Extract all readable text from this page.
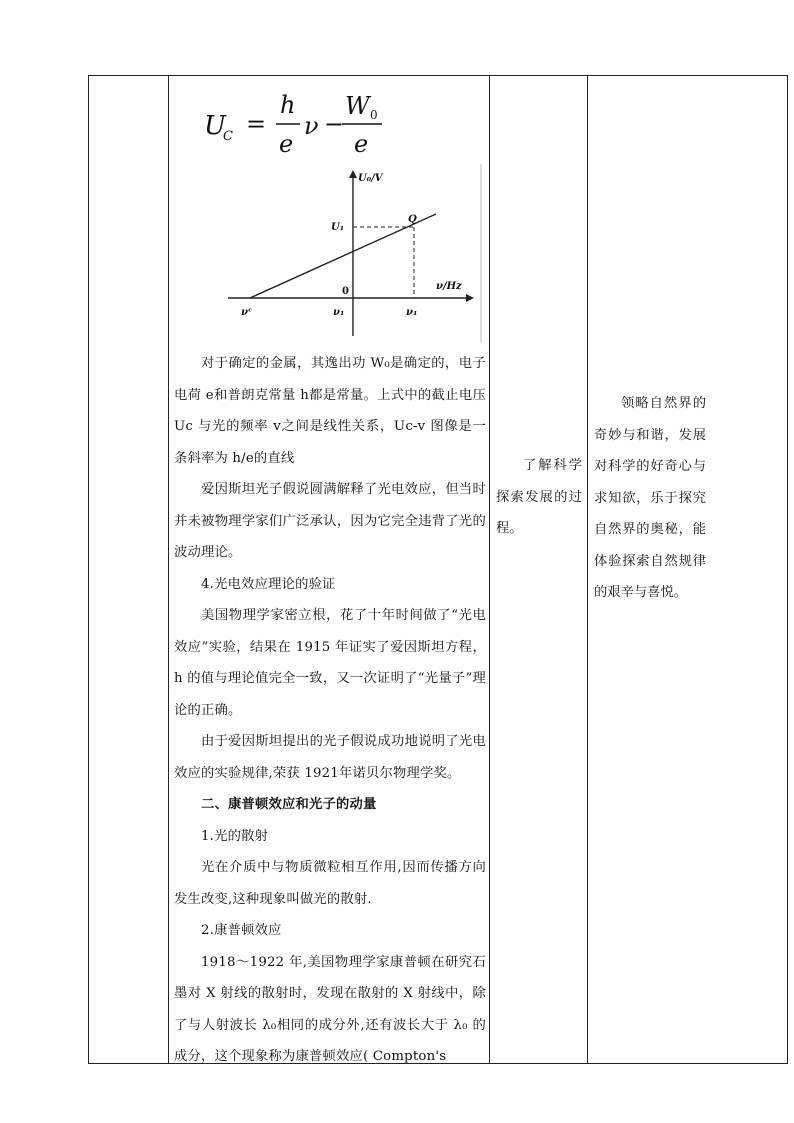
U
C =
h
e
ν −
W 0
e
U₀/V
ν/Hz
0
Q
U₁
νᶜ	ν₁	ν₁

对于确定的金属，其逸出功 W₀是确定的，电子电荷 e和普朗克常量 h都是常量。上式中的截止电压 Uc 与光的频率 v之间是线性关系，Uc-v 图像是一条斜率为 h/e的直线

爱因斯坦光子假说圆满解释了光电效应，但当时并未被物理学家们广泛承认，因为它完全违背了光的波动理论。

4.光电效应理论的验证

美国物理学家密立根，花了十年时间做了“光电效应”实验，结果在 1915 年证实了爱因斯坦方程，h 的值与理论值完全一致，又一次证明了“光量子”理论的正确。

由于爱因斯坦提出的光子假说成功地说明了光电效应的实验规律,荣获 1921年诺贝尔物理学奖。

二、康普顿效应和光子的动量

1.光的散射

光在介质中与物质微粒相互作用,因而传播方向发生改变,这种现象叫做光的散射.

2.康普顿效应

1918～1922 年,美国物理学家康普顿在研究石墨对 X 射线的散射时，发现在散射的 X 射线中，除了与人射波长 λ₀相同的成分外,还有波长大于 λ₀ 的成分，这个现象称为康普顿效应( Compton's

了解科学探索发展的过程。

领略自然界的奇妙与和谐，发展对科学的好奇心与求知欲，乐于探究自然界的奥秘，能体验探索自然规律的艰辛与喜悦。
